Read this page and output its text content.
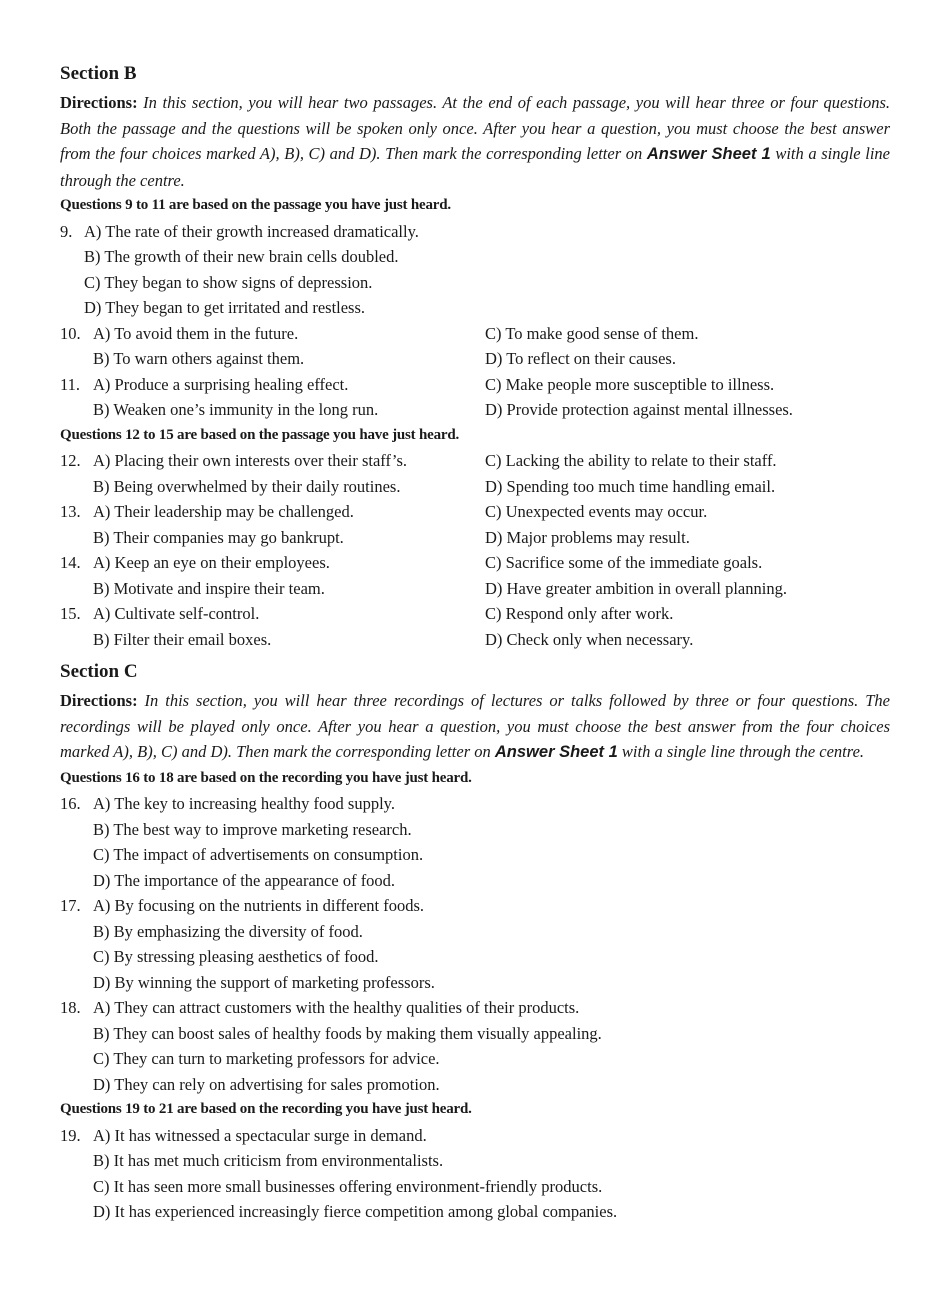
Section B

Directions: In this section, you will hear two passages. At the end of each passage, you will hear three or four questions. Both the passage and the questions will be spoken only once. After you hear a question, you must choose the best answer from the four choices marked A), B), C) and D). Then mark the corresponding letter on Answer Sheet 1 with a single line through the centre.

Questions 9 to 11 are based on the passage you have just heard.
9. A) The rate of their growth increased dramatically.
B) The growth of their new brain cells doubled.
C) They began to show signs of depression.
D) They began to get irritated and restless.
10. A) To avoid them in the future.	C) To make good sense of them.
B) To warn others against them.	D) To reflect on their causes.
11. A) Produce a surprising healing effect.	C) Make people more susceptible to illness.
B) Weaken one’s immunity in the long run.	D) Provide protection against mental illnesses.
Questions 12 to 15 are based on the passage you have just heard.
12. A) Placing their own interests over their staff’s.	C) Lacking the ability to relate to their staff.
B) Being overwhelmed by their daily routines.	D) Spending too much time handling email.
13. A) Their leadership may be challenged.	C) Unexpected events may occur.
B) Their companies may go bankrupt.	D) Major problems may result.
14. A) Keep an eye on their employees.	C) Sacrifice some of the immediate goals.
B) Motivate and inspire their team.	D) Have greater ambition in overall planning.
15. A) Cultivate self-control.	C) Respond only after work.
B) Filter their email boxes.	D) Check only when necessary.
Section C

Directions: In this section, you will hear three recordings of lectures or talks followed by three or four questions. The recordings will be played only once. After you hear a question, you must choose the best answer from the four choices marked A), B), C) and D). Then mark the corresponding letter on Answer Sheet 1 with a single line through the centre.

Questions 16 to 18 are based on the recording you have just heard.
16. A) The key to increasing healthy food supply.
B) The best way to improve marketing research.
C) The impact of advertisements on consumption.
D) The importance of the appearance of food.
17. A) By focusing on the nutrients in different foods.
B) By emphasizing the diversity of food.
C) By stressing pleasing aesthetics of food.
D) By winning the support of marketing professors.
18. A) They can attract customers with the healthy qualities of their products.
B) They can boost sales of healthy foods by making them visually appealing.
C) They can turn to marketing professors for advice.
D) They can rely on advertising for sales promotion.
Questions 19 to 21 are based on the recording you have just heard.
19. A) It has witnessed a spectacular surge in demand.
B) It has met much criticism from environmentalists.
C) It has seen more small businesses offering environment-friendly products.
D) It has experienced increasingly fierce competition among global companies.
